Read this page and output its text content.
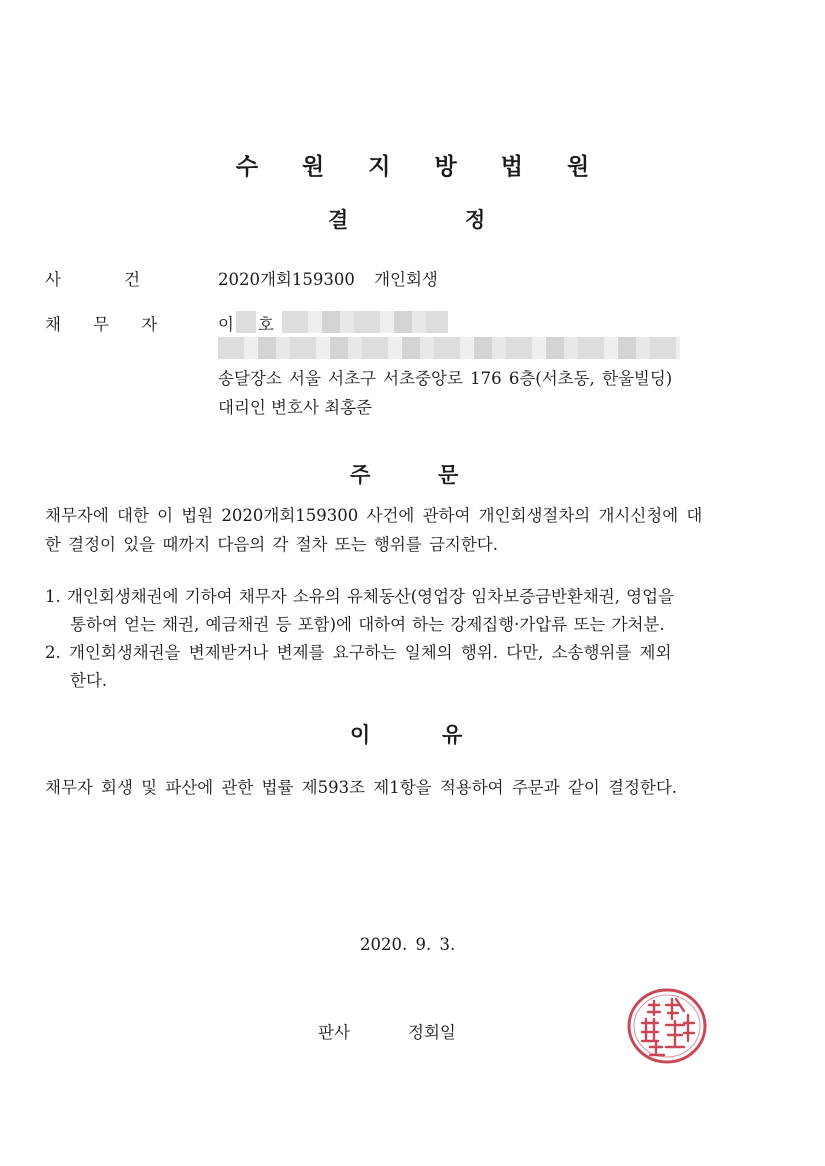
수 원 지 방 법 원
결	정
사 건	2020개회159300 개인회생
채 무 자	이 호
송달장소 서울 서초구 서초중앙로 176 6층(서초동, 한울빌딩)
대리인 변호사 최홍준
주	문
채무자에 대한 이 법원 2020개회159300 사건에 관하여 개인회생절차의 개시신청에 대
한 결정이 있을 때까지 다음의 각 절차 또는 행위를 금지한다.
1. 개인회생채권에 기하여 채무자 소유의 유체동산(영업장 임차보증금반환채권, 영업을
통하여 얻는 채권, 예금채권 등 포함)에 대하여 하는 강제집행·가압류 또는 가처분.
2. 개인회생채권을 변제받거나 변제를 요구하는 일체의 행위. 다만, 소송행위를 제외
한다.
이	유
채무자 회생 및 파산에 관한 법률 제593조 제1항을 적용하여 주문과 같이 결정한다.
2020. 9. 3.
판사	정회일
